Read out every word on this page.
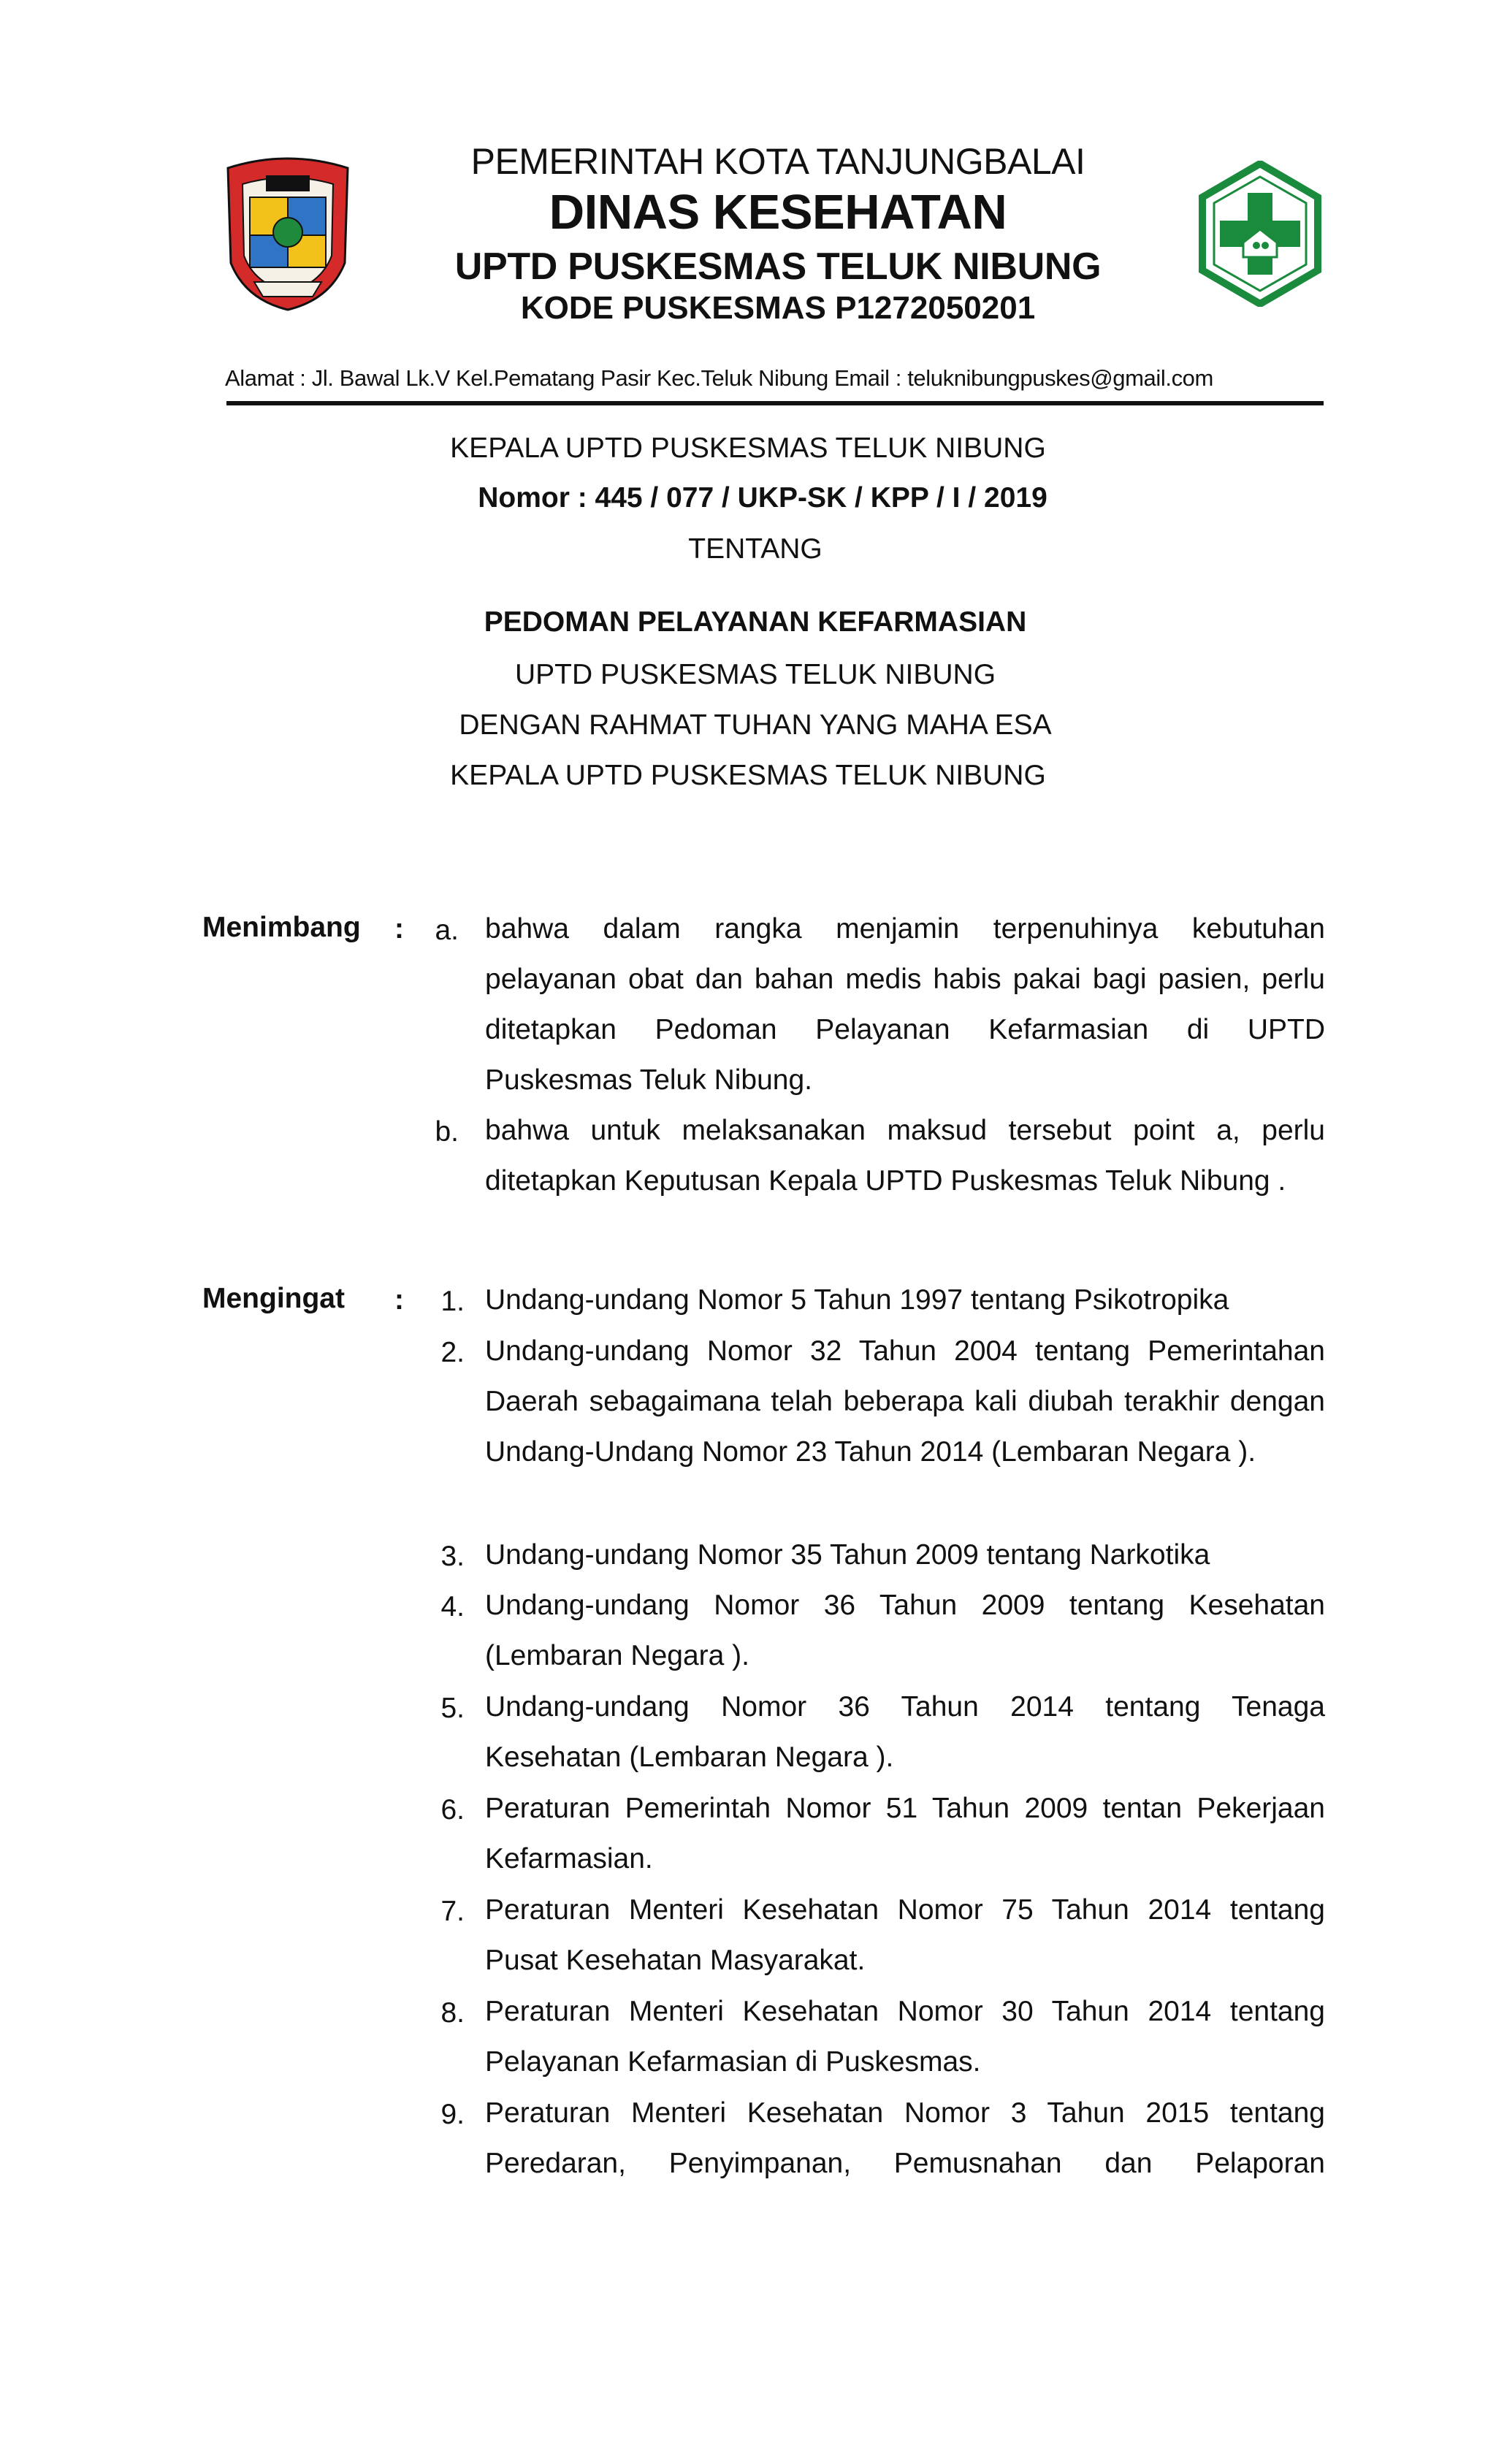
PEMERINTAH KOTA TANJUNGBALAI
DINAS KESEHATAN
UPTD PUSKESMAS TELUK NIBUNG
KODE PUSKESMAS P1272050201
Alamat : Jl. Bawal Lk.V Kel.Pematang Pasir Kec.Teluk Nibung Email : teluknibungpuskes@gmail.com
KEPALA UPTD PUSKESMAS TELUK NIBUNG
Nomor : 445 / 077 / UKP-SK / KPP / I / 2019
TENTANG
PEDOMAN PELAYANAN KEFARMASIAN
UPTD PUSKESMAS TELUK NIBUNG
DENGAN RAHMAT TUHAN YANG MAHA ESA
KEPALA UPTD PUSKESMAS TELUK NIBUNG
Menimbang :	a. bahwa dalam rangka menjamin terpenuhinya kebutuhan pelayanan obat dan bahan medis habis pakai bagi pasien, perlu ditetapkan Pedoman Pelayanan Kefarmasian di UPTD Puskesmas Teluk Nibung.
b. bahwa untuk melaksanakan maksud tersebut point a, perlu ditetapkan Keputusan Kepala UPTD Puskesmas Teluk Nibung .
Mengingat :	1. Undang-undang Nomor 5 Tahun 1997 tentang Psikotropika
2. Undang-undang Nomor 32 Tahun 2004 tentang Pemerintahan Daerah sebagaimana telah beberapa kali diubah terakhir dengan Undang-Undang Nomor 23 Tahun 2014 (Lembaran Negara ).
3. Undang-undang Nomor 35 Tahun 2009 tentang Narkotika
4. Undang-undang Nomor 36 Tahun 2009 tentang Kesehatan (Lembaran Negara ).
5. Undang-undang Nomor 36 Tahun 2014 tentang Tenaga Kesehatan (Lembaran Negara ).
6. Peraturan Pemerintah Nomor 51 Tahun 2009 tentan Pekerjaan Kefarmasian.
7. Peraturan Menteri Kesehatan Nomor 75 Tahun 2014 tentang Pusat Kesehatan Masyarakat.
8. Peraturan Menteri Kesehatan Nomor 30 Tahun 2014 tentang Pelayanan Kefarmasian di Puskesmas.
9. Peraturan Menteri Kesehatan Nomor 3 Tahun 2015 tentang Peredaran, Penyimpanan, Pemusnahan dan Pelaporan
